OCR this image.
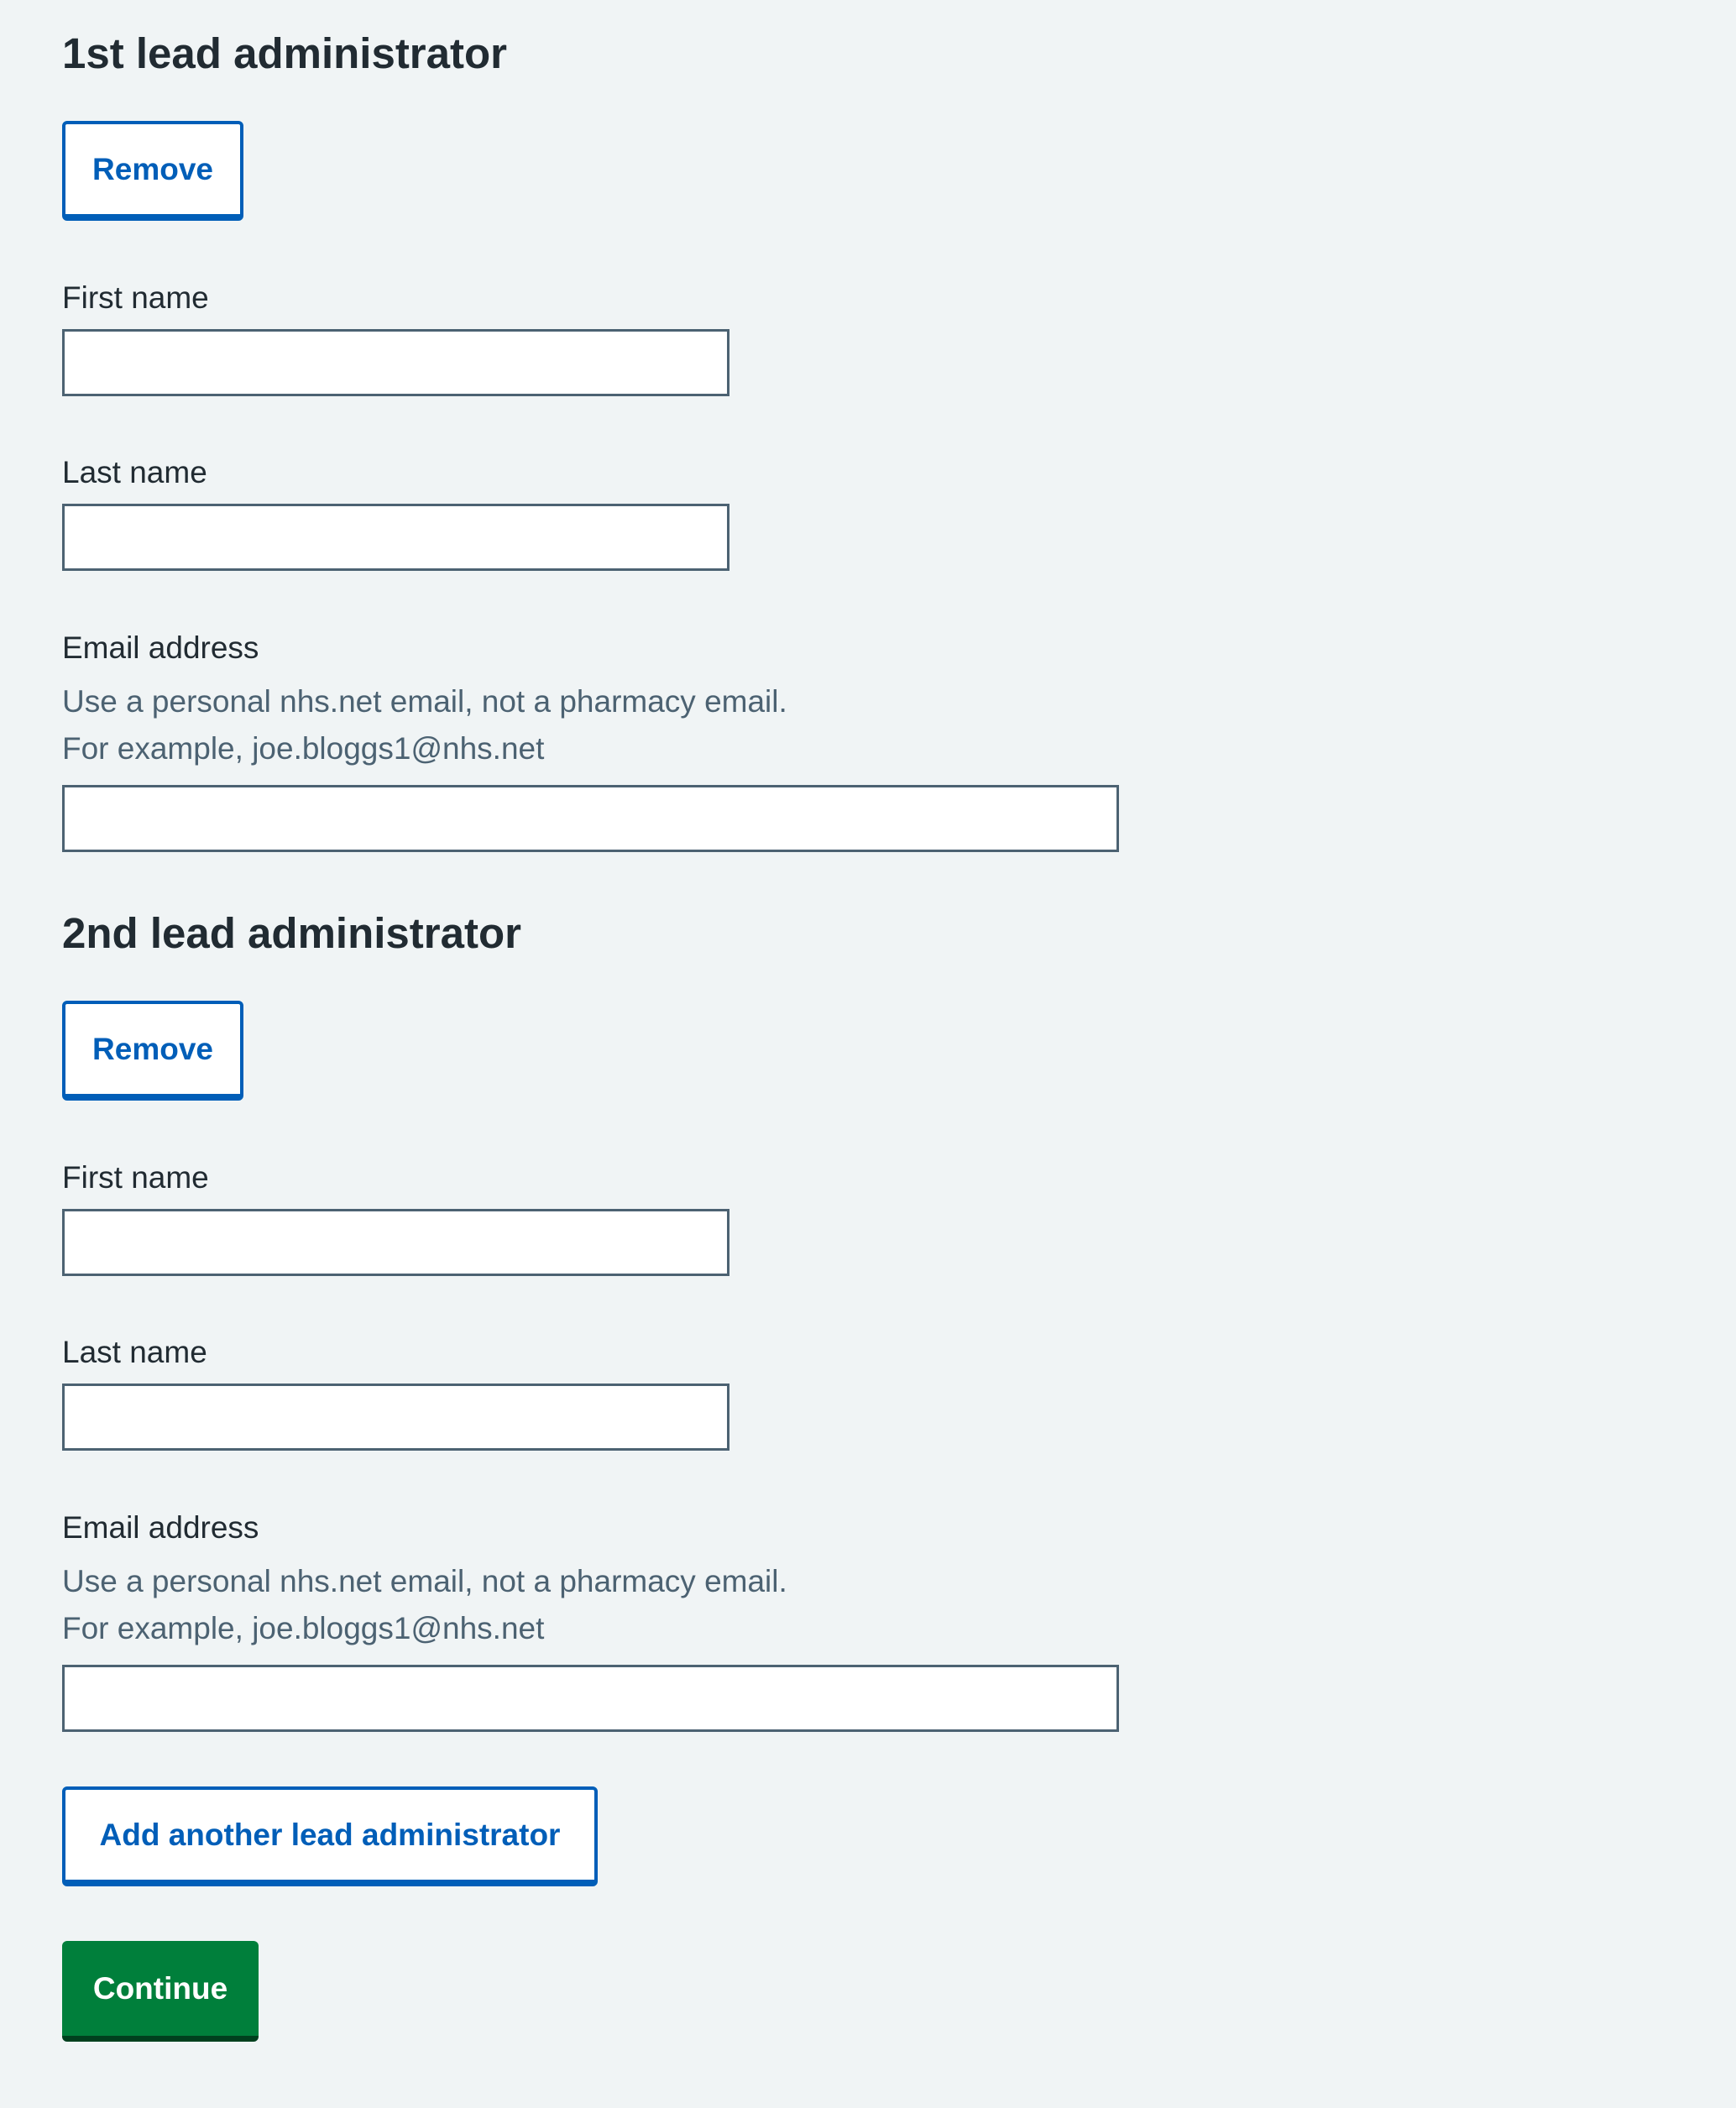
1st lead administrator
Remove
First name
Last name
Email address
Use a personal nhs.net email, not a pharmacy email.
For example, joe.bloggs1@nhs.net
2nd lead administrator
Remove
First name
Last name
Email address
Use a personal nhs.net email, not a pharmacy email.
For example, joe.bloggs1@nhs.net
Add another lead administrator
Continue
